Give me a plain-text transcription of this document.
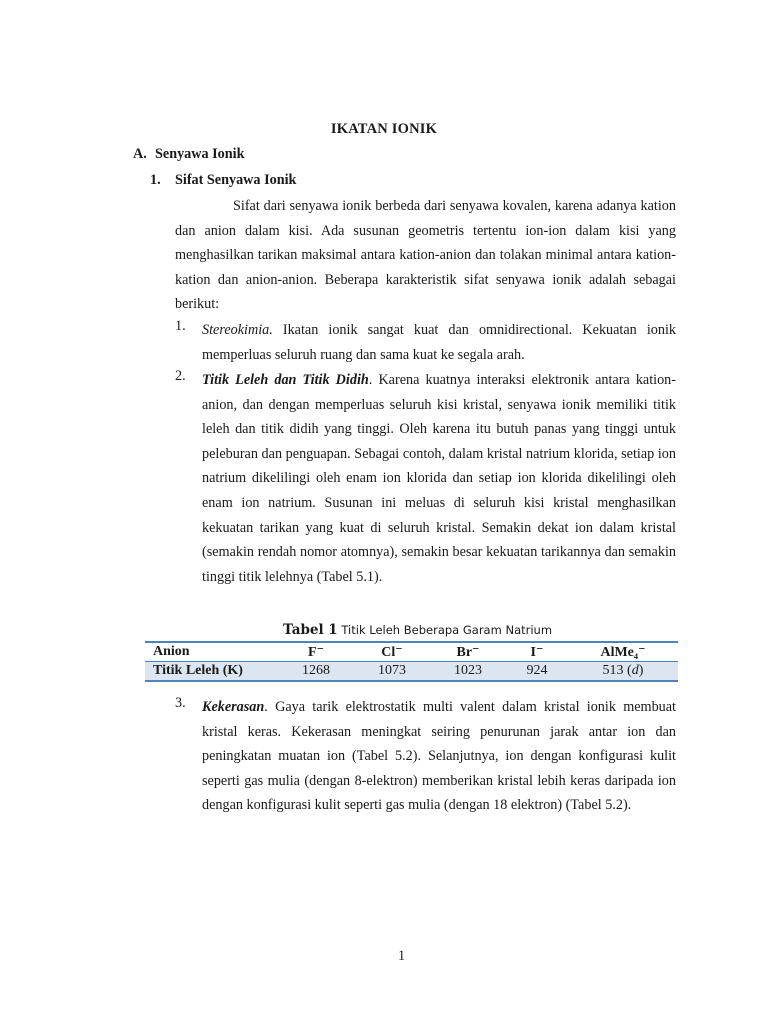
IKATAN IONIK
A. Senyawa Ionik
1. Sifat Senyawa Ionik

Sifat dari senyawa ionik berbeda dari senyawa kovalen, karena adanya kation dan anion dalam kisi. Ada susunan geometris tertentu ion-ion dalam kisi yang menghasilkan tarikan maksimal antara kation-anion dan tolakan minimal antara kation-kation dan anion-anion. Beberapa karakteristik sifat senyawa ionik adalah sebagai berikut:

1.	Stereokimia. Ikatan ionik sangat kuat dan omnidirectional. Kekuatan ionik memperluas seluruh ruang dan sama kuat ke segala arah.

2.	Titik Leleh dan Titik Didih. Karena kuatnya interaksi elektronik antara kation-anion, dan dengan memperluas seluruh kisi kristal, senyawa ionik memiliki titik leleh dan titik didih yang tinggi. Oleh karena itu butuh panas yang tinggi untuk peleburan dan penguapan. Sebagai contoh, dalam kristal natrium klorida, setiap ion natrium dikelilingi oleh enam ion klorida dan setiap ion klorida dikelilingi oleh enam ion natrium. Susunan ini meluas di seluruh kisi kristal menghasilkan kekuatan tarikan yang kuat di seluruh kristal. Semakin dekat ion dalam kristal (semakin rendah nomor atomnya), semakin besar kekuatan tarikannya dan semakin tinggi titik lelehnya (Tabel 5.1).

Tabel 1 Titik Leleh Beberapa Garam Natrium
Anion	F⁻	Cl⁻	Br⁻	I⁻	AlMe₄⁻
Titik Leleh (K)	1268	1073	1023	924	513 (d)
3.	Kekerasan. Gaya tarik elektrostatik multi valent dalam kristal ionik membuat kristal keras. Kekerasan meningkat seiring penurunan jarak antar ion dan peningkatan muatan ion (Tabel 5.2). Selanjutnya, ion dengan konfigurasi kulit seperti gas mulia (dengan 8-elektron) memberikan kristal lebih keras daripada ion dengan konfigurasi kulit seperti gas mulia (dengan 18 elektron) (Tabel 5.2).

1
